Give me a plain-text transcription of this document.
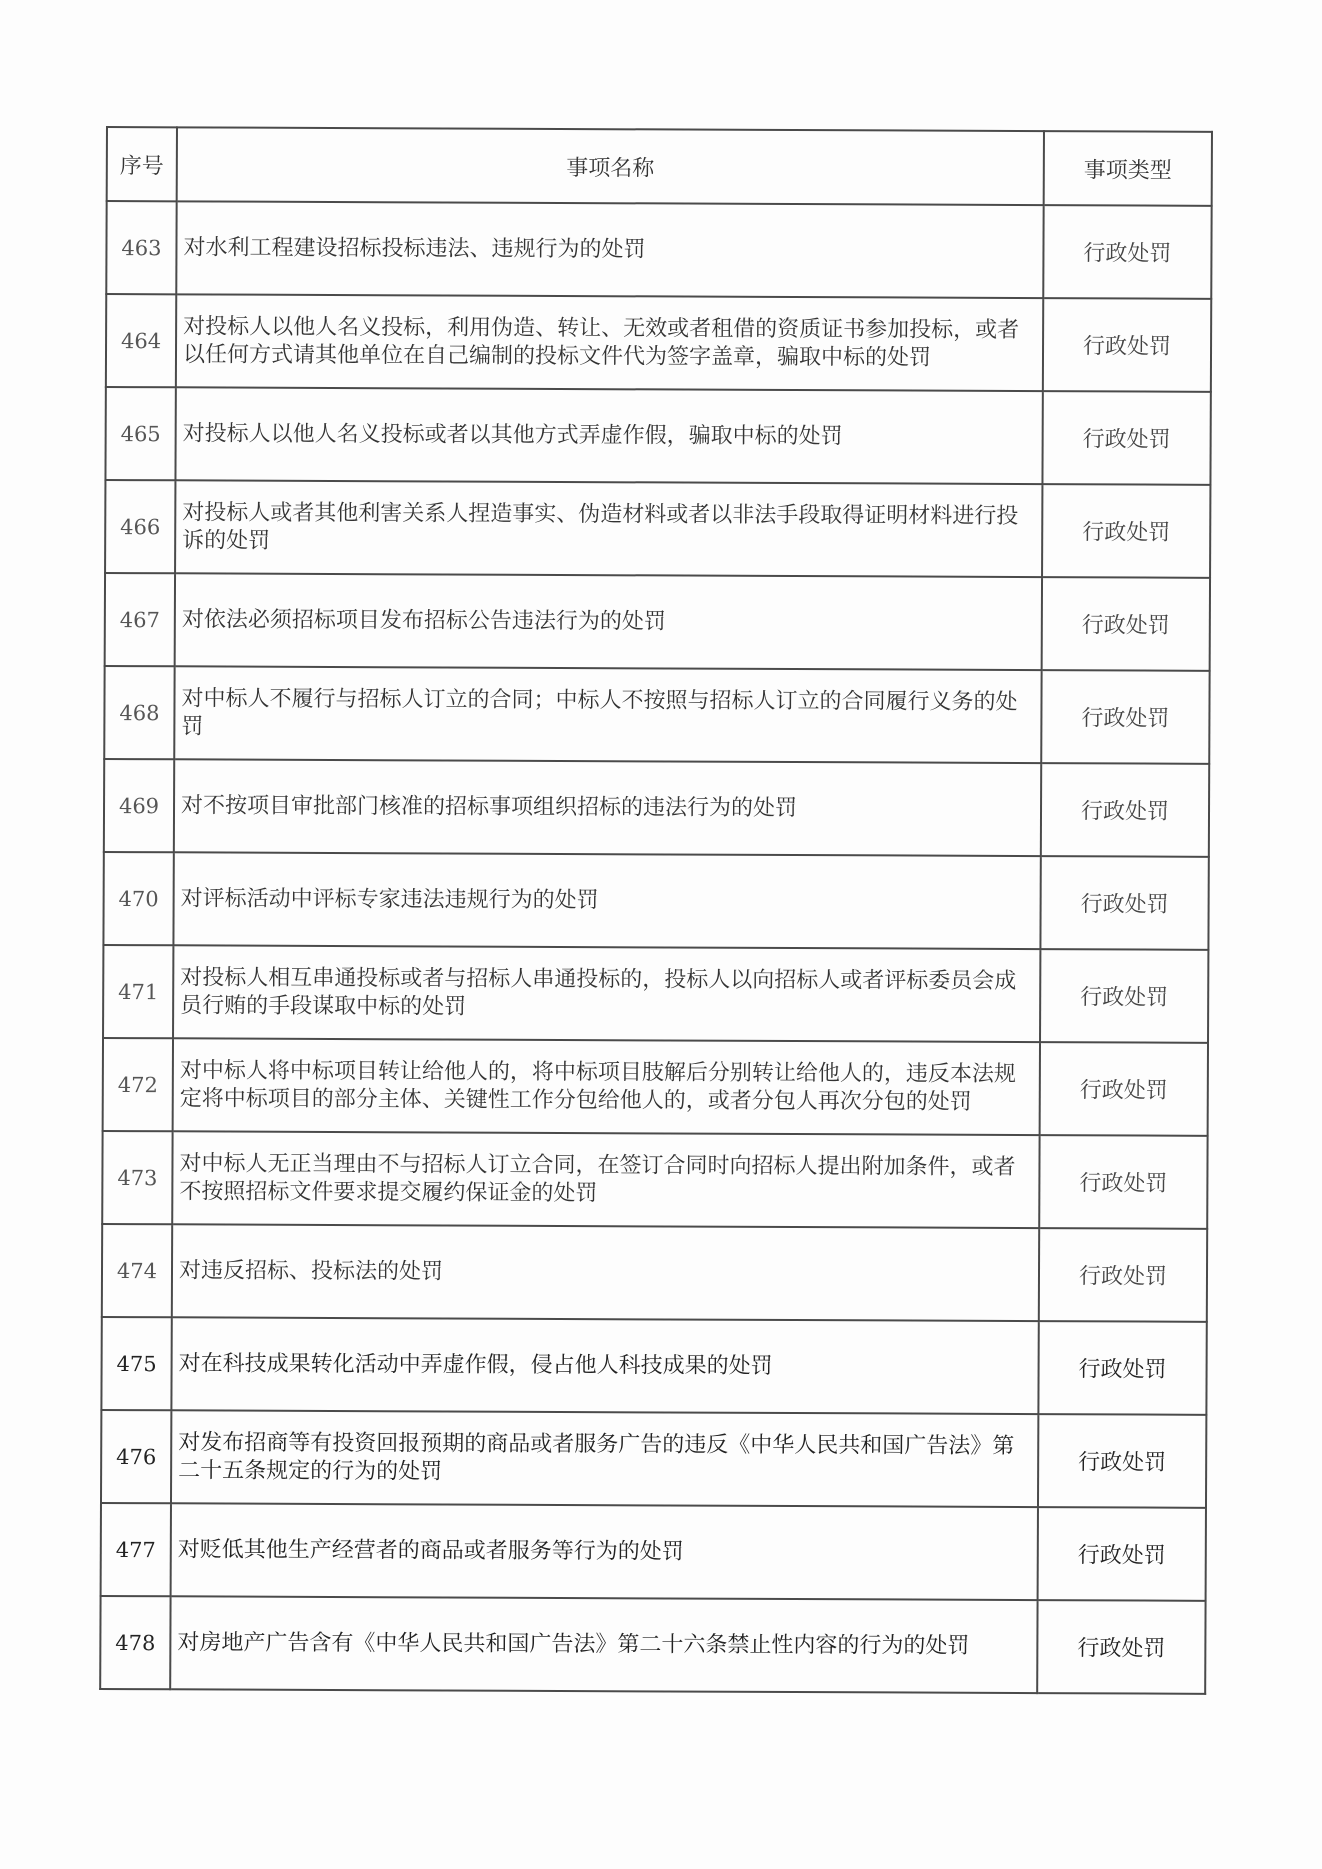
序号	事项名称	事项类型
463	对水利工程建设招标投标违法、违规行为的处罚	行政处罚
464	对投标人以他人名义投标，利用伪造、转让、无效或者租借的资质证书参加投标，或者以任何方式请其他单位在自己编制的投标文件代为签字盖章，骗取中标的处罚	行政处罚
465	对投标人以他人名义投标或者以其他方式弄虚作假，骗取中标的处罚	行政处罚
466	对投标人或者其他利害关系人捏造事实、伪造材料或者以非法手段取得证明材料进行投诉的处罚	行政处罚
467	对依法必须招标项目发布招标公告违法行为的处罚	行政处罚
468	对中标人不履行与招标人订立的合同；中标人不按照与招标人订立的合同履行义务的处罚	行政处罚
469	对不按项目审批部门核准的招标事项组织招标的违法行为的处罚	行政处罚
470	对评标活动中评标专家违法违规行为的处罚	行政处罚
471	对投标人相互串通投标或者与招标人串通投标的，投标人以向招标人或者评标委员会成员行贿的手段谋取中标的处罚	行政处罚
472	对中标人将中标项目转让给他人的，将中标项目肢解后分别转让给他人的，违反本法规定将中标项目的部分主体、关键性工作分包给他人的，或者分包人再次分包的处罚	行政处罚
473	对中标人无正当理由不与招标人订立合同，在签订合同时向招标人提出附加条件，或者不按照招标文件要求提交履约保证金的处罚	行政处罚
474	对违反招标、投标法的处罚	行政处罚
475	对在科技成果转化活动中弄虚作假，侵占他人科技成果的处罚	行政处罚
476	对发布招商等有投资回报预期的商品或者服务广告的违反《中华人民共和国广告法》第二十五条规定的行为的处罚	行政处罚
477	对贬低其他生产经营者的商品或者服务等行为的处罚	行政处罚
478	对房地产广告含有《中华人民共和国广告法》第二十六条禁止性内容的行为的处罚	行政处罚
